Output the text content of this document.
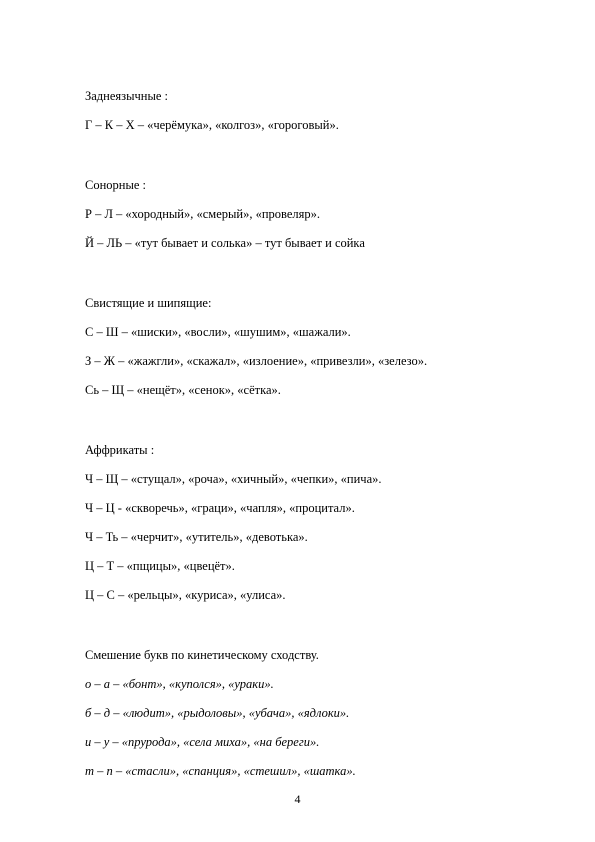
Заднеязычные :
Г – К – Х – «черёмука», «колгоз», «гороговый».
Сонорные :
Р – Л – «хородный», «смерый», «провеляр».
Й – ЛЬ – «тут бывает и солька» – тут бывает и сойка
Свистящие и шипящие:
С – Ш – «шиски», «восли», «шушим», «шажали».
З – Ж – «жажгли», «скажал», «излоение», «привезли», «зелезо».
Сь – Щ – «нещёт», «сенок», «сётка».
Аффрикаты :
Ч – Щ – «стущал», «роча», «хичный», «чепки», «пича».
Ч – Ц - «скворечь», «граци», «чапля», «процитал».
Ч – Ть – «черчит», «утитель», «девотька».
Ц – Т – «пщицы», «цвецёт».
Ц – С – «рельцы», «куриса», «улиса».
Смешение букв по кинетическому сходству.
о – а – «бонт», «куполся», «ураки».
б – д – «людит», «рыдоловы», «убача», «ядлоки».
и – у – «прурода», «села миха», «на береги».
т – п – «стасли», «спанция», «стешил», «шатка».
4
